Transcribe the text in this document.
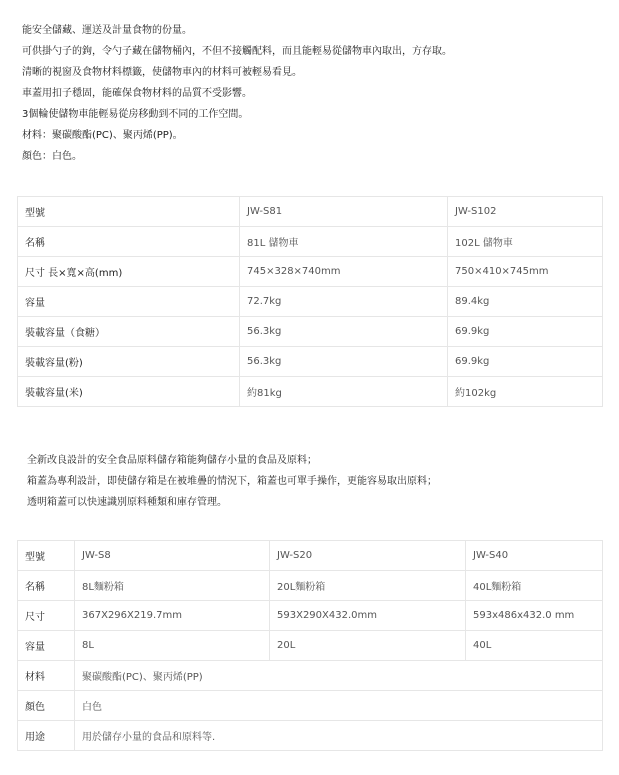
能安全儲藏、運送及計量食物的份量。
可供掛勺子的鉤，令勺子藏在儲物桶內，不但不接觸配料，而且能輕易從儲物車內取出，方存取。
清晰的視窗及食物材料標籤，使儲物車內的材料可被輕易看見。
車蓋用扣子穩固，能確保食物材料的品質不受影響。
3個輪使儲物車能輕易從房移動到不同的工作空間。
材料：聚碳酸酯(PC)、聚丙烯(PP)。
顏色：白色。
型號	JW-S81	JW-S102
名稱	81L 儲物車	102L 儲物車
尺寸 長×寬×高(mm)	745×328×740mm	750×410×745mm
容量	72.7kg	89.4kg
裝載容量（食糖）	56.3kg	69.9kg
裝載容量(粉)	56.3kg	69.9kg
裝載容量(米)	約81kg	約102kg
全新改良設計的安全食品原料儲存箱能夠儲存小量的食品及原料；
箱蓋為專利設計，即使儲存箱是在被堆疊的情況下，箱蓋也可單手操作，更能容易取出原料；
透明箱蓋可以快速識別原料種類和庫存管理。
型號	JW-S8	JW-S20	JW-S40
名稱	8L麵粉箱	20L麵粉箱	40L麵粉箱
尺寸	367X296X219.7mm	593X290X432.0mm	593x486x432.0 mm
容量	8L	20L	40L
材料	聚碳酸酯(PC)、聚丙烯(PP)		
顏色	白色		
用途	用於儲存小量的食品和原料等.		
